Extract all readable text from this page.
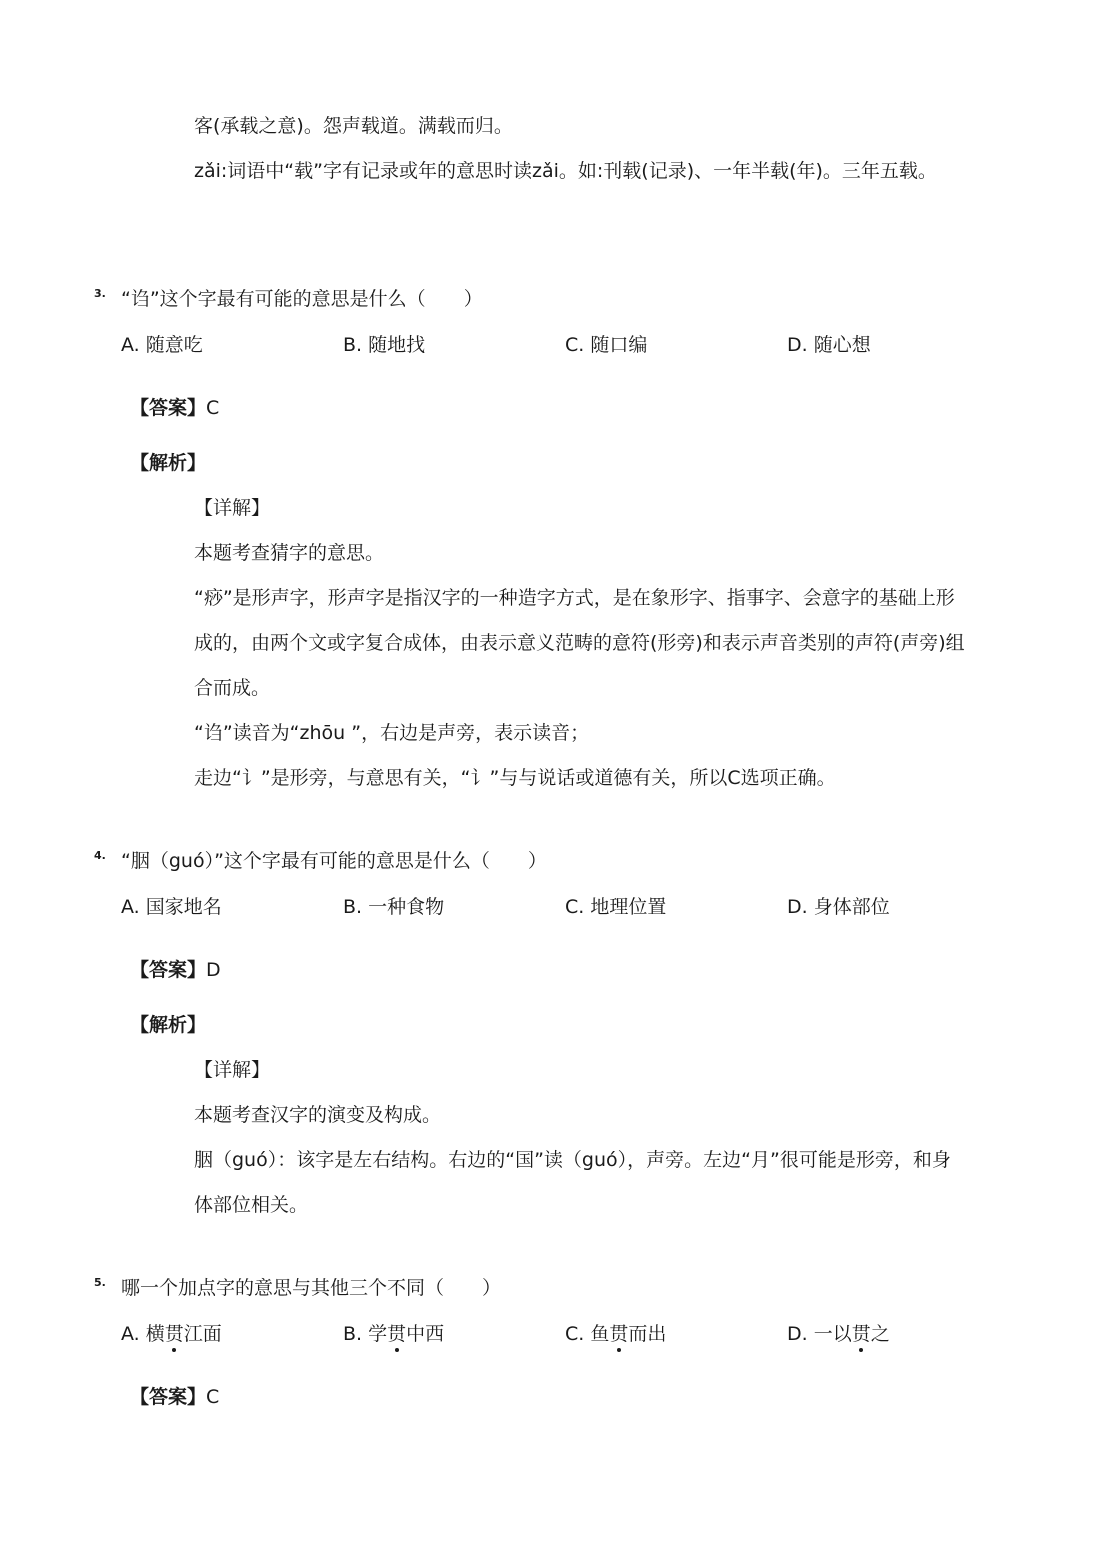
客(承载之意)。怨声载道。满载而归。
zǎi:词语中“载”字有记录或年的意思时读zǎi。如:刊载(记录)、一年半载(年)。三年五载。
3. “诌”这个字最有可能的意思是什么（　　）
A. 随意吃	B. 随地找	C. 随口编	D. 随心想
【答案】C
【解析】
【详解】
本题考查猜字的意思。
“痧”是形声字，形声字是指汉字的一种造字方式，是在象形字、指事字、会意字的基础上形
成的，由两个文或字复合成体，由表示意义范畴的意符(形旁)和表示声音类别的声符(声旁)组
合而成。
“诌”读音为“zhōu ”，右边是声旁，表示读音；
走边“讠”是形旁，与意思有关，“讠”与与说话或道德有关，所以C选项正确。
4. “胭（guó）”这个字最有可能的意思是什么（　　）
A. 国家地名	B. 一种食物	C. 地理位置	D. 身体部位
【答案】D
【解析】
【详解】
本题考查汉字的演变及构成。
胭（guó）：该字是左右结构。右边的“国”读（guó），声旁。左边“月”很可能是形旁，和身
体部位相关。
5. 哪一个加点字的意思与其他三个不同（　　）
A. 横贯江面	B. 学贯中西	C. 鱼贯而出	D. 一以贯之
【答案】C
